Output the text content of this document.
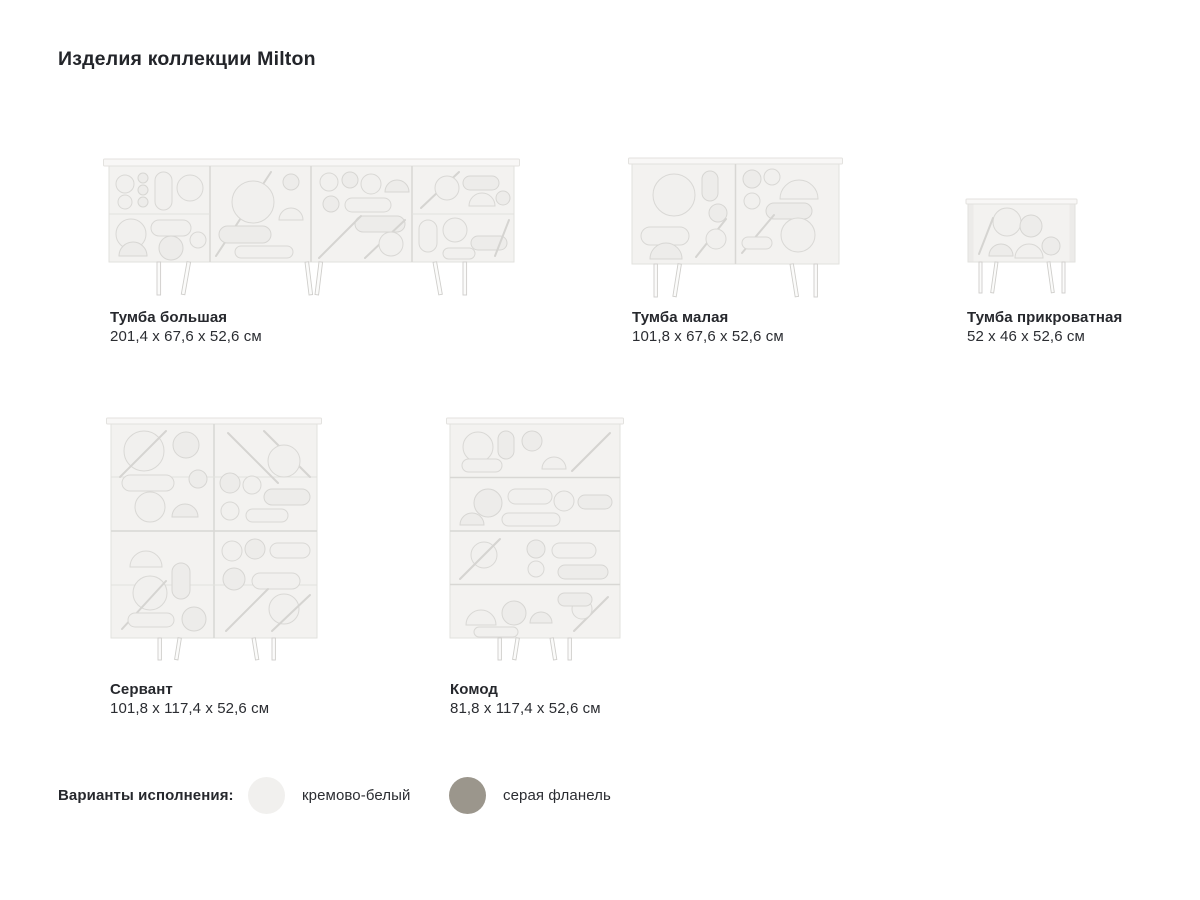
Изделия коллекции Milton
Тумба большая
201,4 x 67,6 x 52,6 см
Тумба малая
101,8 x 67,6 x 52,6 см
Тумба прикроватная
52 x 46 x 52,6 см
Сервант
101,8 x 117,4 x 52,6 см
Комод
81,8 x 117,4 x 52,6 см
Варианты исполнения:	кремово-белый	серая фланель
